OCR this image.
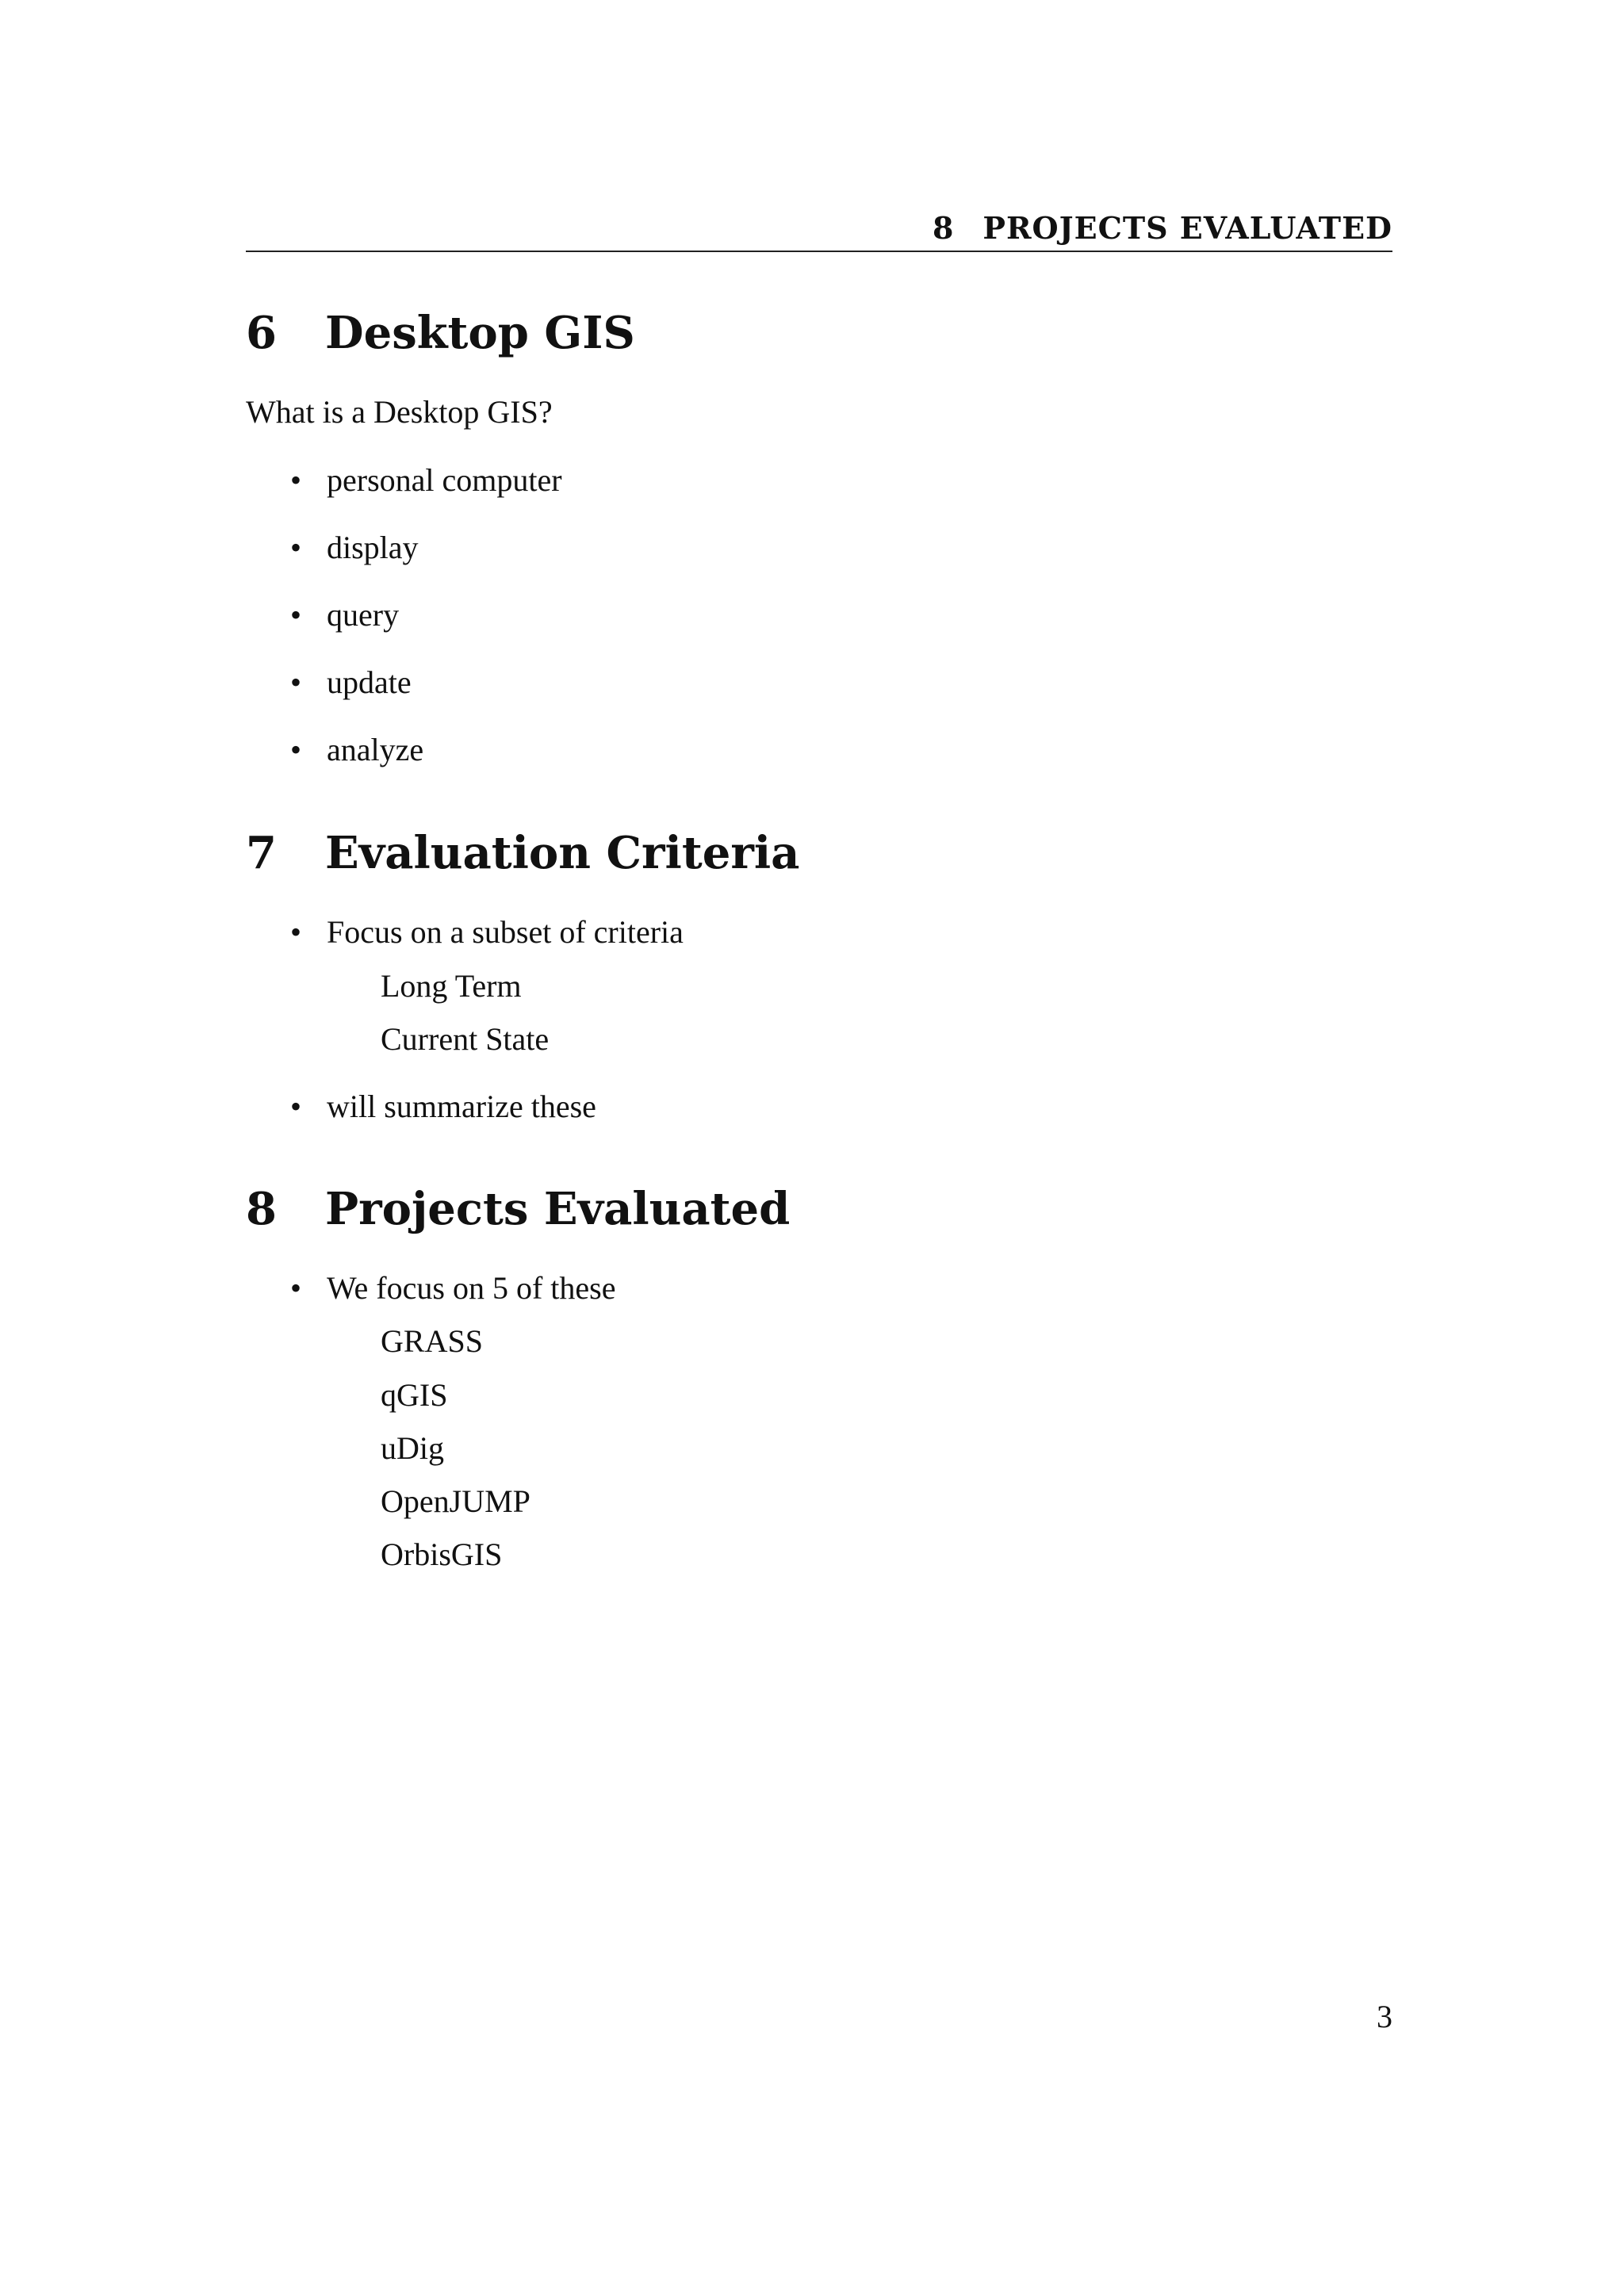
8 PROJECTS EVALUATED
6	Desktop GIS
What is a Desktop GIS?
• personal computer
• display
• query
• update
• analyze
7	Evaluation Criteria
• Focus on a subset of criteria
Long Term
Current State
• will summarize these
8	Projects Evaluated
• We focus on 5 of these
GRASS
qGIS
uDig
OpenJUMP
OrbisGIS
3
